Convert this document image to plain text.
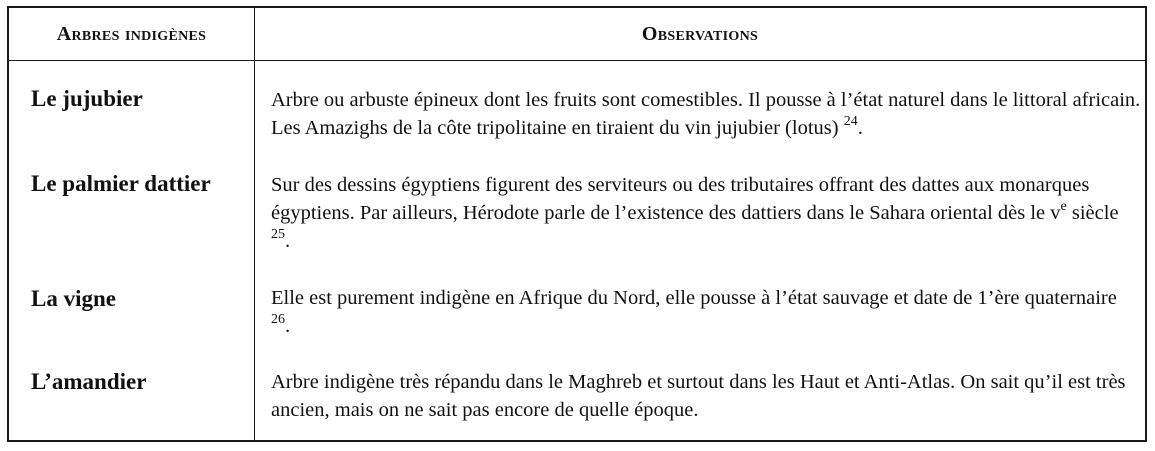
Arbres indigènes	Observations
Le jujubier	Arbre ou arbuste épineux dont les fruits sont comestibles. Il pousse à l’état naturel dans le littoral africain. Les Amazighs de la côte tripolitaine en tiraient du vin jujubier (lotus) $^{24}$.
Le palmier dattier	Sur des dessins égyptiens figurent des serviteurs ou des tributaires offrant des dattes aux monarques égyptiens. Par ailleurs, Hérodote parle de l’existence des dattiers dans le Sahara oriental dès le $v^e$ siècle $^{25}$.
La vigne	Elle est purement indigène en Afrique du Nord, elle pousse à l’état sauvage et date de 1’ère quaternaire $^{26}$.
L’amandier	Arbre indigène très répandu dans le Maghreb et surtout dans les Haut et Anti-Atlas. On sait qu’il est très ancien, mais on ne sait pas encore de quelle époque.
